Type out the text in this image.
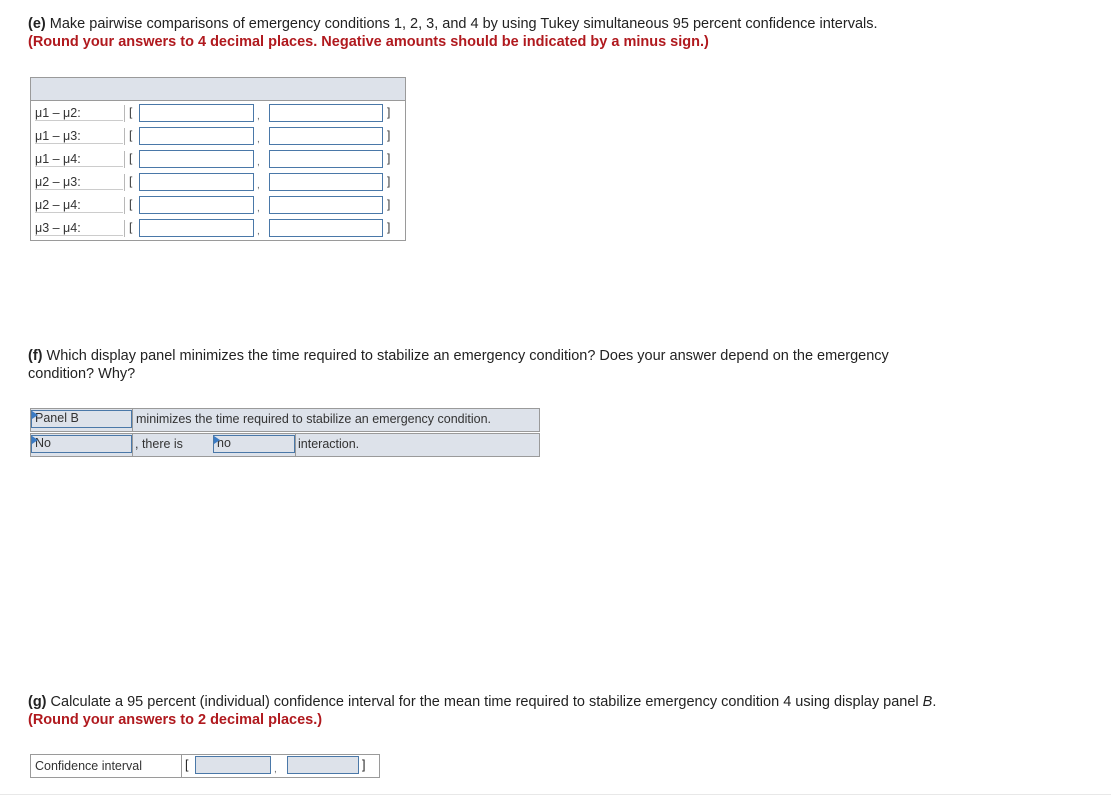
(e) Make pairwise comparisons of emergency conditions 1, 2, 3, and 4 by using Tukey simultaneous 95 percent confidence intervals.
(Round your answers to 4 decimal places. Negative amounts should be indicated by a minus sign.)
μ1 – μ2:	[	,	]
μ1 – μ3:	[	,	]
μ1 – μ4:	[	,	]
μ2 – μ3:	[	,	]
μ2 – μ4:	[	,	]
μ3 – μ4:	[	,	]
(f) Which display panel minimizes the time required to stabilize an emergency condition? Does your answer depend on the emergency condition? Why?
Panel B	minimizes the time required to stabilize an emergency condition.
No	, there is	no	interaction.
(g) Calculate a 95 percent (individual) confidence interval for the mean time required to stabilize emergency condition 4 using display panel B. (Round your answers to 2 decimal places.)
Confidence interval	[	,	]
